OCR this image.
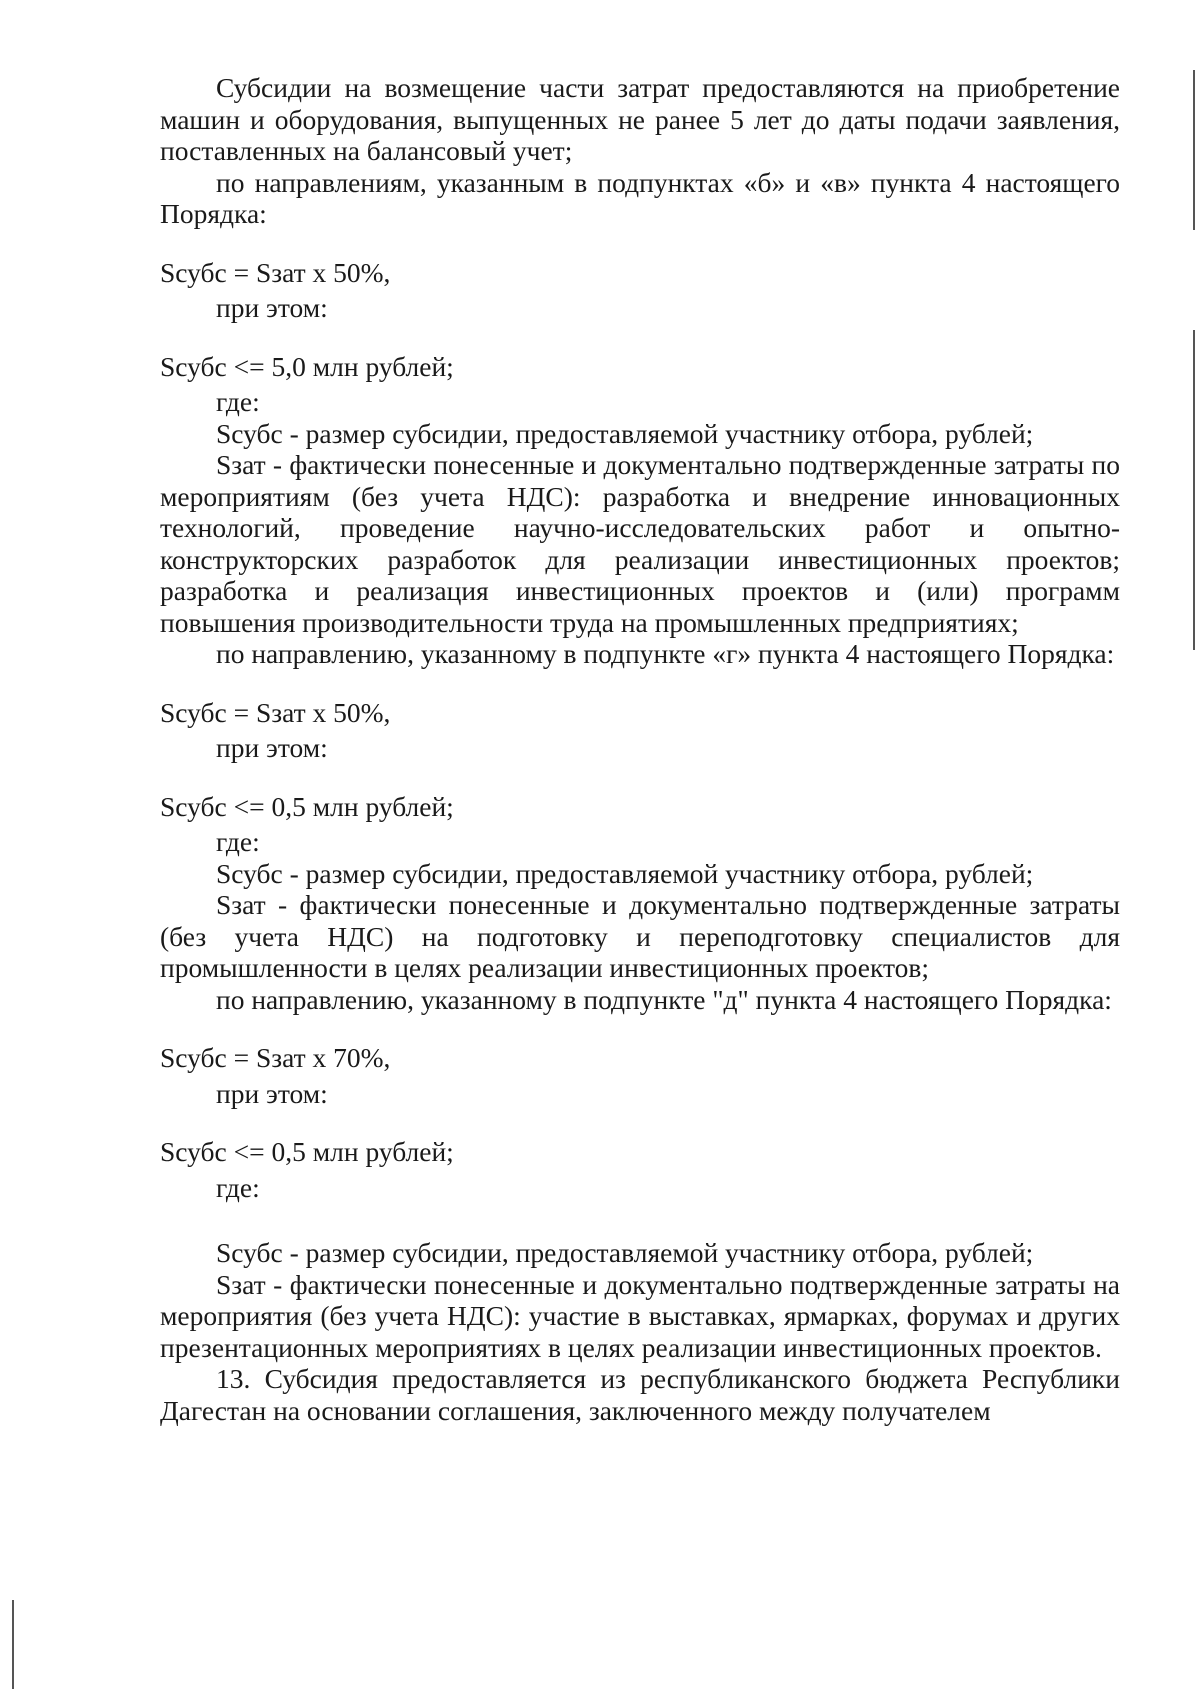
Субсидии на возмещение части затрат предоставляются на приобретение машин и оборудования, выпущенных не ранее 5 лет до даты подачи заявления, поставленных на балансовый учет;

по направлениям, указанным в подпунктах «б» и «в» пункта 4 настоящего Порядка:

Sсубс = Sзат x 50%,

при этом:

Sсубс <= 5,0 млн рублей;

где:

Sсубс - размер субсидии, предоставляемой участнику отбора, рублей;

Sзат - фактически понесенные и документально подтвержденные затраты по мероприятиям (без учета НДС): разработка и внедрение инновационных технологий, проведение научно-исследовательских работ и опытно-конструкторских разработок для реализации инвестиционных проектов; разработка и реализация инвестиционных проектов и (или) программ повышения производительности труда на промышленных предприятиях;

по направлению, указанному в подпункте «г» пункта 4 настоящего Порядка:

Sсубс = Sзат x 50%,

при этом:

Sсубс <= 0,5 млн рублей;

где:

Sсубс - размер субсидии, предоставляемой участнику отбора, рублей;

Sзат - фактически понесенные и документально подтвержденные затраты (без учета НДС) на подготовку и переподготовку специалистов для промышленности в целях реализации инвестиционных проектов;

по направлению, указанному в подпункте "д" пункта 4 настоящего Порядка:

Sсубс = Sзат x 70%,

при этом:

Sсубс <= 0,5 млн рублей;

где:

Sсубс - размер субсидии, предоставляемой участнику отбора, рублей;

Sзат - фактически понесенные и документально подтвержденные затраты на мероприятия (без учета НДС): участие в выставках, ярмарках, форумах и других презентационных мероприятиях в целях реализации инвестиционных проектов.

13. Субсидия предоставляется из республиканского бюджета Республики Дагестан на основании соглашения, заключенного между получателем
